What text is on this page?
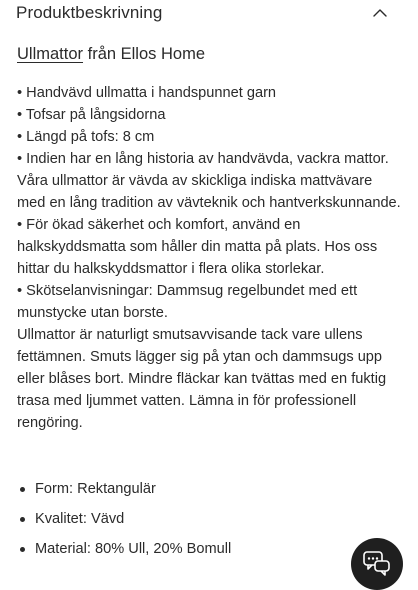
Produktbeskrivning

Ullmattor från Ellos Home

• Handvävd ullmatta i handspunnet garn

• Tofsar på långsidorna

• Längd på tofs: 8 cm

• Indien har en lång historia av handvävda, vackra mattor. Våra ullmattor är vävda av skickliga indiska mattvävare med en lång tradition av vävteknik och hantverkskunnande.

• För ökad säkerhet och komfort, använd en halkskyddsmatta som håller din matta på plats. Hos oss hittar du halkskyddsmattor i flera olika storlekar.

• Skötselanvisningar: Dammsug regelbundet med ett munstycke utan borste.

Ullmattor är naturligt smutsavvisande tack vare ullens fettämnen. Smuts lägger sig på ytan och dammsugs upp eller blåses bort. Mindre fläckar kan tvättas med en fuktig trasa med ljummet vatten. Lämna in för professionell rengöring.

Form: Rektangulär
Kvalitet: Vävd
Material: 80% Ull, 20% Bomull
